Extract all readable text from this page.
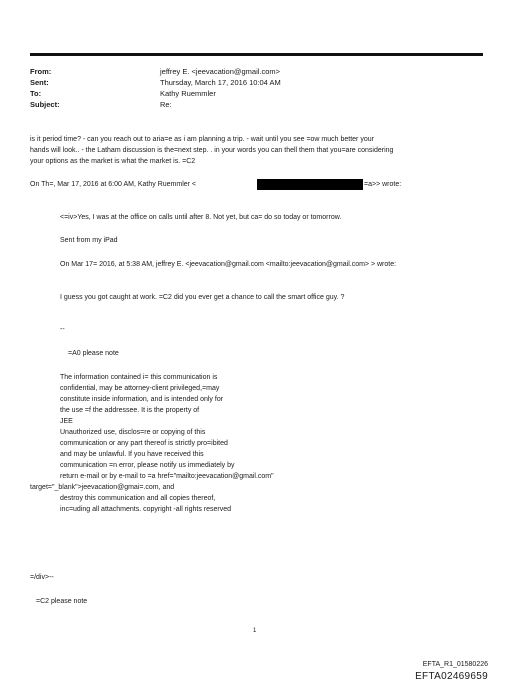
From:	jeffrey E. <jeevacation@gmail.com>
Sent:	Thursday, March 17, 2016 10:04 AM
To:	Kathy Ruemmler
Subject:	Re:
is it period time? - can you reach out to aria=e as i am planning a trip. - wait until you see =ow much better your
hands will look.. - the Latham discussion is the=next step. . in your words you can thell them that you=are considering
your options as the market is what the market is. =C2
On Th=, Mar 17, 2016 at 6:00 AM, Kathy Ruemmler <	=a>> wrote:
<=iv>Yes, I was at the office on calls until after 8. Not yet, but ca= do so today or tomorrow.
Sent from my iPad
On Mar 17= 2016, at 5:38 AM, jeffrey E. <jeevacation@gmail.com <mailto:jeevacation@gmail.com> > wrote:
I guess you got caught at work. =C2 did you ever get a chance to call the smart office guy. ?
--
=A0 please note
The information contained i= this communication is
confidential, may be attorney-client privileged,=may
constitute inside information, and is intended only for
the use =f the addressee. It is the property of
JEE
Unauthorized use, disclos=re or copying of this
communication or any part thereof is strictly pro=ibited
and may be unlawful. If you have received this
communication =n error, please notify us immediately by
return e-mail or by e-mail to =a href="mailto:jeevacation@gmail.com"
target="_blank">jeevacation@gmai=.com, and
destroy this communication and all copies thereof,
inc=uding all attachments. copyright -all rights reserved
=/div>--
=C2 please note
1
EFTA_R1_01580226
EFTA02469659
